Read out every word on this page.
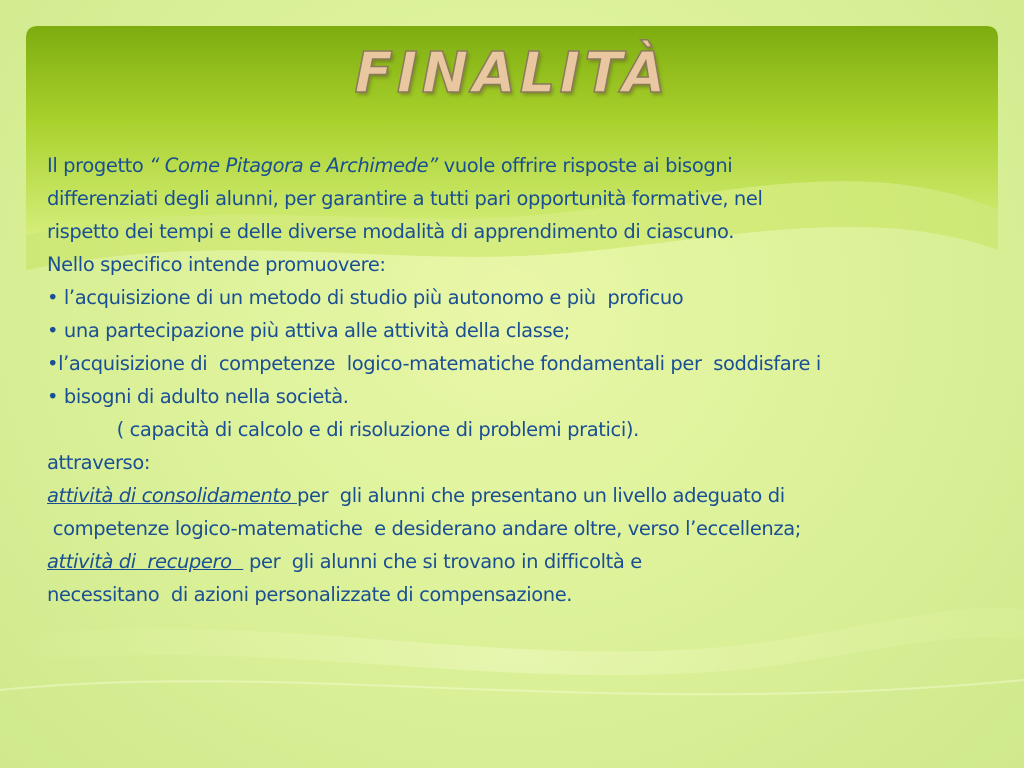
FINALITÀ
Il progetto “ Come Pitagora e Archimede” vuole offrire risposte ai bisogni
differenziati degli alunni, per garantire a tutti pari opportunità formative, nel
rispetto dei tempi e delle diverse modalità di apprendimento di ciascuno.
Nello specifico intende promuovere:
• l’acquisizione di un metodo di studio più autonomo e più  proficuo
• una partecipazione più attiva alle attività della classe;
•l’acquisizione di  competenze  logico-matematiche fondamentali per  soddisfare i
• bisogni di adulto nella società.
( capacità di calcolo e di risoluzione di problemi pratici).
attraverso:
attività di consolidamento per  gli alunni che presentano un livello adeguato di
competenze logico-matematiche  e desiderano andare oltre, verso l’eccellenza;
attività di  recupero   per  gli alunni che si trovano in difficoltà e
necessitano  di azioni personalizzate di compensazione.
